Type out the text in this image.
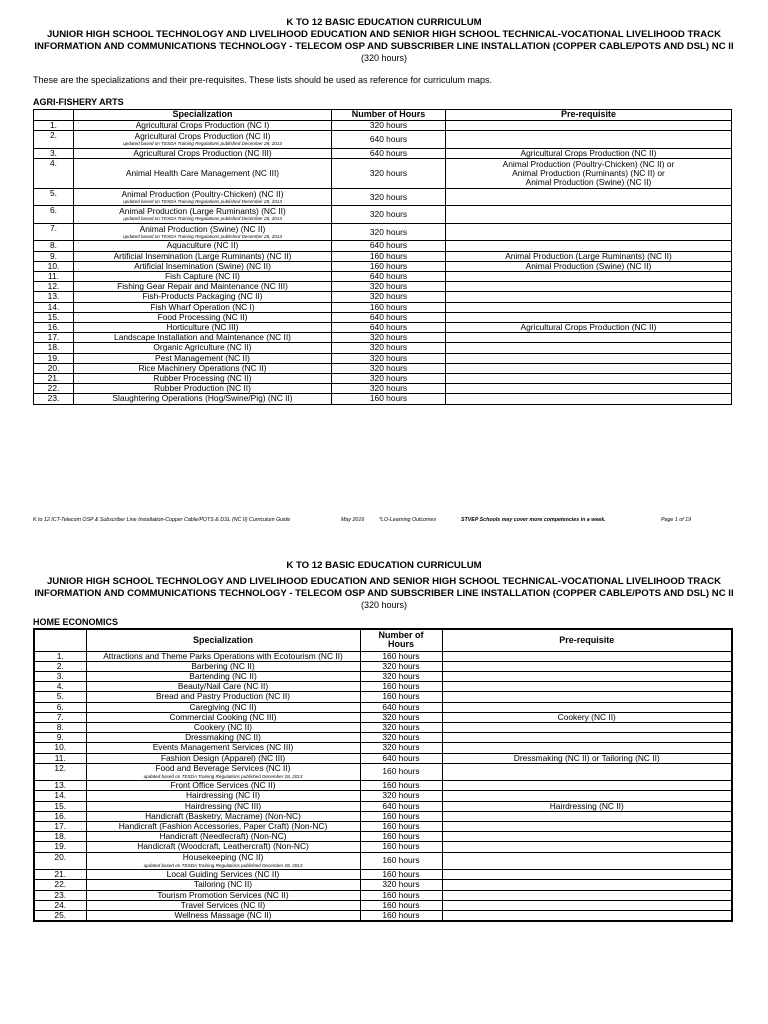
K TO 12 BASIC EDUCATION CURRICULUM
JUNIOR HIGH SCHOOL TECHNOLOGY AND LIVELIHOOD EDUCATION AND SENIOR HIGH SCHOOL TECHNICAL-VOCATIONAL LIVELIHOOD TRACK
INFORMATION AND COMMUNICATIONS TECHNOLOGY - TELECOM OSP AND SUBSCRIBER LINE INSTALLATION (COPPER CABLE/POTS AND DSL) NC II
(320 hours)
These are the specializations and their pre-requisites. These lists should be used as reference for curriculum maps.
AGRI-FISHERY ARTS
	Specialization	Number of Hours	Pre-requisite
1.	Agricultural Crops Production (NC I)	320 hours	
2.	Agricultural Crops Production (NC II)
updated based on TESDA Training Regulations published December 28, 2013	640 hours	
3.	Agricultural Crops Production (NC III)	640 hours	Agricultural Crops Production (NC II)
4.	Animal Health Care Management (NC III)	320 hours	Animal Production (Poultry-Chicken) (NC II) or
Animal Production (Ruminants) (NC II) or
Animal Production (Swine) (NC II)
5.	Animal Production (Poultry-Chicken) (NC II)
updated based on TESDA Training Regulations published December 28, 2013	320 hours	
6.	Animal Production (Large Ruminants) (NC II)
updated based on TESDA Training Regulations published December 28, 2013	320 hours	
7.	Animal Production (Swine) (NC II)
updated based on TESDA Training Regulations published December 28, 2013	320 hours	
8.	Aquaculture (NC II)	640 hours	
9.	Artificial Insemination (Large Ruminants) (NC II)	160 hours	Animal Production (Large Ruminants) (NC II)
10.	Artificial Insemination (Swine) (NC II)	160 hours	Animal Production (Swine) (NC II)
11.	Fish Capture (NC II)	640 hours	
12.	Fishing Gear Repair and Maintenance (NC III)	320 hours	
13.	Fish-Products Packaging (NC II)	320 hours	
14.	Fish Wharf Operation (NC I)	160 hours	
15.	Food Processing (NC II)	640 hours	
16.	Horticulture (NC III)	640 hours	Agricultural Crops Production (NC II)
17.	Landscape Installation and Maintenance (NC II)	320 hours	
18.	Organic Agriculture (NC II)	320 hours	
19.	Pest Management (NC II)	320 hours	
20.	Rice Machinery Operations (NC II)	320 hours	
21.	Rubber Processing (NC II)	320 hours	
22.	Rubber Production (NC II)	320 hours	
23.	Slaughtering Operations (Hog/Swine/Pig) (NC II)	160 hours	
K to 12 ICT-Telecom OSP & Subscriber Line Installation-Copper Cable/POTS & DSL (NC II) Curriculum Guide	May 2016	*LO-Learning Outcomes	STVEP Schools may cover more competencies in a week.	Page 1 of 19
K TO 12 BASIC EDUCATION CURRICULUM
JUNIOR HIGH SCHOOL TECHNOLOGY AND LIVELIHOOD EDUCATION AND SENIOR HIGH SCHOOL TECHNICAL-VOCATIONAL LIVELIHOOD TRACK
INFORMATION AND COMMUNICATIONS TECHNOLOGY - TELECOM OSP AND SUBSCRIBER LINE INSTALLATION (COPPER CABLE/POTS AND DSL) NC II
(320 hours)
HOME ECONOMICS
	Specialization	Number of
Hours	Pre-requisite
1.	Attractions and Theme Parks Operations with Ecotourism (NC II)	160 hours	
2.	Barbering (NC II)	320 hours	
3.	Bartending (NC II)	320 hours	
4.	Beauty/Nail Care (NC II)	160 hours	
5.	Bread and Pastry Production (NC II)	160 hours	
6.	Caregiving (NC II)	640 hours	
7.	Commercial Cooking (NC III)	320 hours	Cookery (NC II)
8.	Cookery (NC II)	320 hours	
9.	Dressmaking (NC II)	320 hours	
10.	Events Management Services (NC III)	320 hours	
11.	Fashion Design (Apparel) (NC III)	640 hours	Dressmaking (NC II) or Tailoring (NC II)
12.	Food and Beverage Services (NC II)
updated based on TESDA Training Regulations published December 28, 2013	160 hours	
13.	Front Office Services (NC II)	160 hours	
14.	Hairdressing (NC II)	320 hours	
15.	Hairdressing (NC III)	640 hours	Hairdressing (NC II)
16.	Handicraft (Basketry, Macrame) (Non-NC)	160 hours	
17.	Handicraft (Fashion Accessories, Paper Craft) (Non-NC)	160 hours	
18.	Handicraft (Needlecraft) (Non-NC)	160 hours	
19.	Handicraft (Woodcraft, Leathercraft) (Non-NC)	160 hours	
20.	Housekeeping (NC II)
updated based on TESDA Training Regulations published December 28, 2013	160 hours	
21.	Local Guiding Services (NC II)	160 hours	
22.	Tailoring (NC II)	320 hours	
23.	Tourism Promotion Services (NC II)	160 hours	
24.	Travel Services (NC II)	160 hours	
25.	Wellness Massage (NC II)	160 hours	
